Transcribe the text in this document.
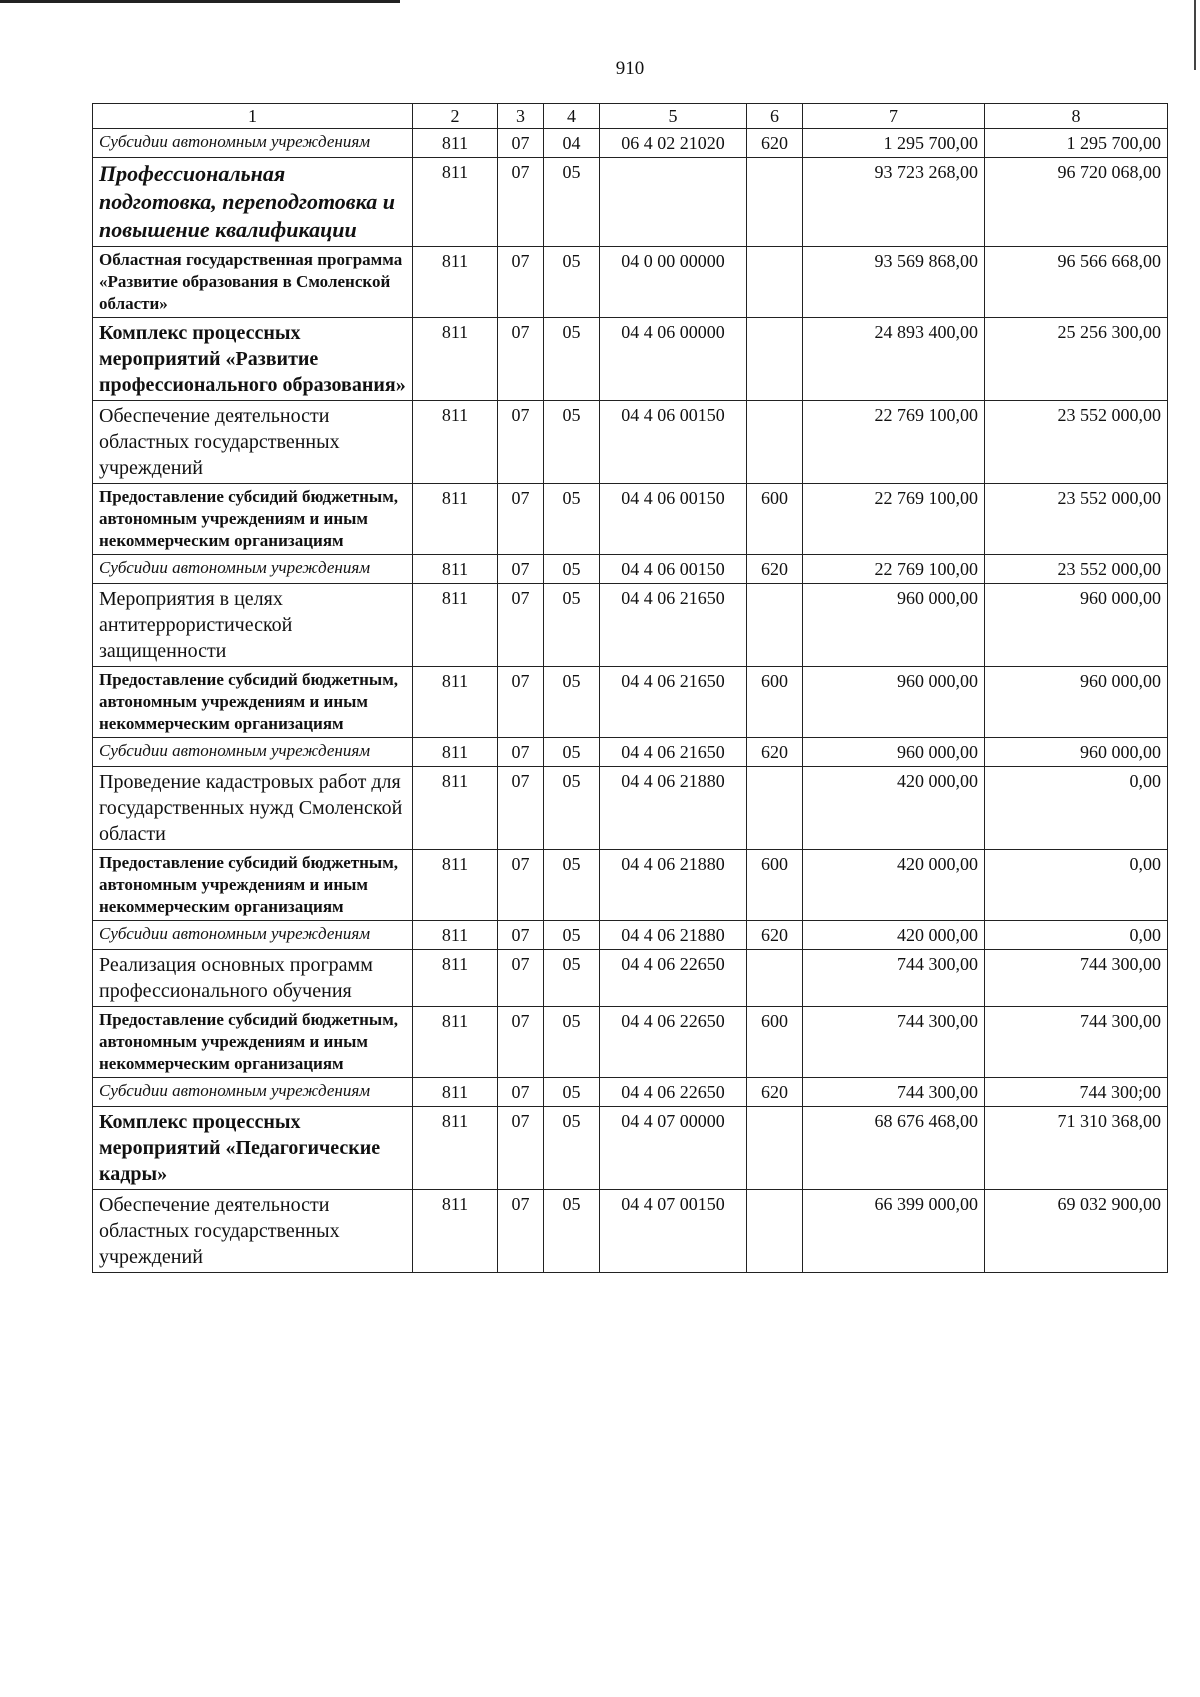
910
1	2	3	4	5	6	7	8
Субсидии автономным учреждениям	811	07	04	06 4 02 21020	620	1 295 700,00	1 295 700,00
Профессиональная подготовка, переподготовка и повышение квалификации	811	07	05			93 723 268,00	96 720 068,00
Областная государственная программа «Развитие образования в Смоленской области»	811	07	05	04 0 00 00000		93 569 868,00	96 566 668,00
Комплекс процессных мероприятий «Развитие профессионального образования»	811	07	05	04 4 06 00000		24 893 400,00	25 256 300,00
Обеспечение деятельности областных государственных учреждений	811	07	05	04 4 06 00150		22 769 100,00	23 552 000,00
Предоставление субсидий бюджетным, автономным учреждениям и иным некоммерческим организациям	811	07	05	04 4 06 00150	600	22 769 100,00	23 552 000,00
Субсидии автономным учреждениям	811	07	05	04 4 06 00150	620	22 769 100,00	23 552 000,00
Мероприятия в целях антитеррористической защищенности	811	07	05	04 4 06 21650		960 000,00	960 000,00
Предоставление субсидий бюджетным, автономным учреждениям и иным некоммерческим организациям	811	07	05	04 4 06 21650	600	960 000,00	960 000,00
Субсидии автономным учреждениям	811	07	05	04 4 06 21650	620	960 000,00	960 000,00
Проведение кадастровых работ для государственных нужд Смоленской области	811	07	05	04 4 06 21880		420 000,00	0,00
Предоставление субсидий бюджетным, автономным учреждениям и иным некоммерческим организациям	811	07	05	04 4 06 21880	600	420 000,00	0,00
Субсидии автономным учреждениям	811	07	05	04 4 06 21880	620	420 000,00	0,00
Реализация основных программ профессионального обучения	811	07	05	04 4 06 22650		744 300,00	744 300,00
Предоставление субсидий бюджетным, автономным учреждениям и иным некоммерческим организациям	811	07	05	04 4 06 22650	600	744 300,00	744 300,00
Субсидии автономным учреждениям	811	07	05	04 4 06 22650	620	744 300,00	744 300;00
Комплекс процессных мероприятий «Педагогические кадры»	811	07	05	04 4 07 00000		68 676 468,00	71 310 368,00
Обеспечение деятельности областных государственных учреждений	811	07	05	04 4 07 00150		66 399 000,00	69 032 900,00
